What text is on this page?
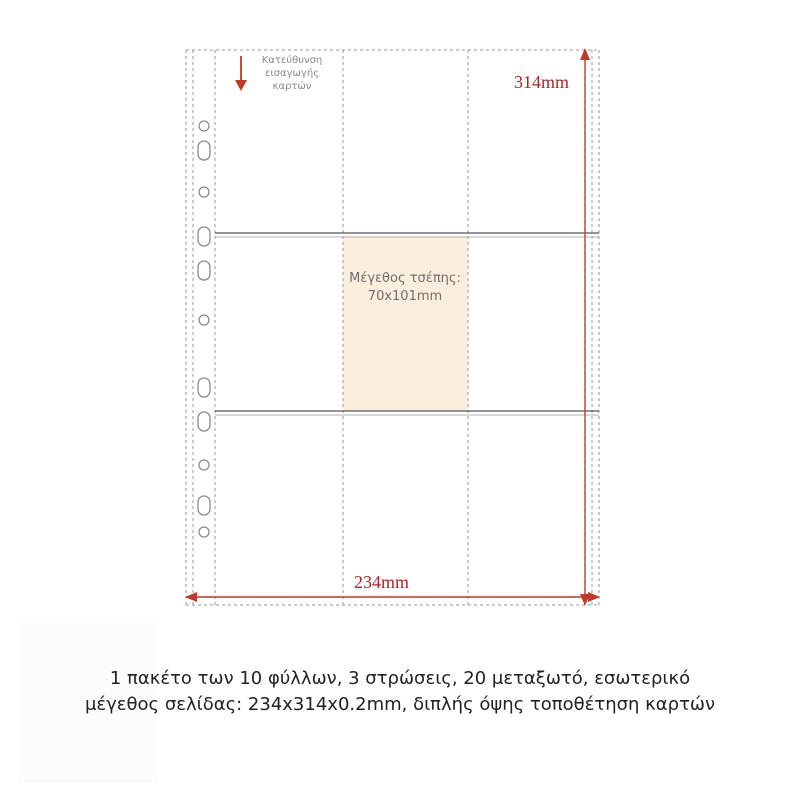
Κατεύθυνση
εισαγωγής
καρτών	314mm
234mm
Μέγεθος τσέπης:
70x101mm
1 πακέτο των 10 φύλλων, 3 στρώσεις, 20 μεταξωτό, εσωτερικό
μέγεθος σελίδας: 234x314x0.2mm, διπλής όψης τοποθέτηση καρτών
